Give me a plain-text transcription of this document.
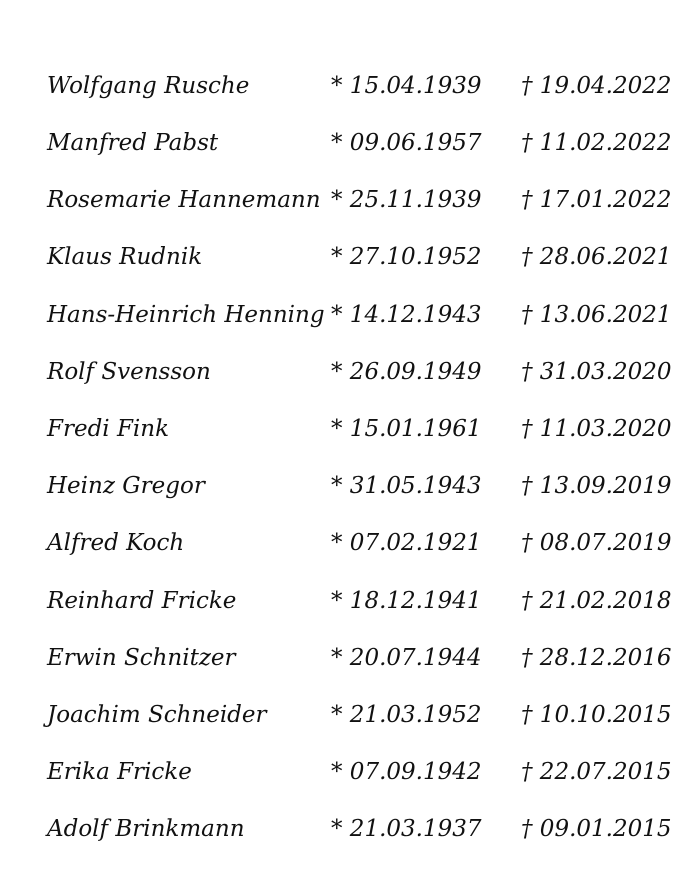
Wolfgang Rusche	* 15.04.1939 † 19.04.2022
Manfred Pabst	* 09.06.1957 † 11.02.2022
Rosemarie Hannemann * 25.11.1939 † 17.01.2022
Klaus Rudnik	* 27.10.1952 † 28.06.2021
Hans-Heinrich Henning * 14.12.1943 † 13.06.2021
Rolf Svensson	* 26.09.1949 † 31.03.2020
Fredi Fink	* 15.01.1961 † 11.03.2020
Heinz Gregor	* 31.05.1943 † 13.09.2019
Alfred Koch	* 07.02.1921 † 08.07.2019
Reinhard Fricke	* 18.12.1941 † 21.02.2018
Erwin Schnitzer	* 20.07.1944 † 28.12.2016
Joachim Schneider	* 21.03.1952 † 10.10.2015
Erika Fricke	* 07.09.1942 † 22.07.2015
Adolf Brinkmann	* 21.03.1937 † 09.01.2015
